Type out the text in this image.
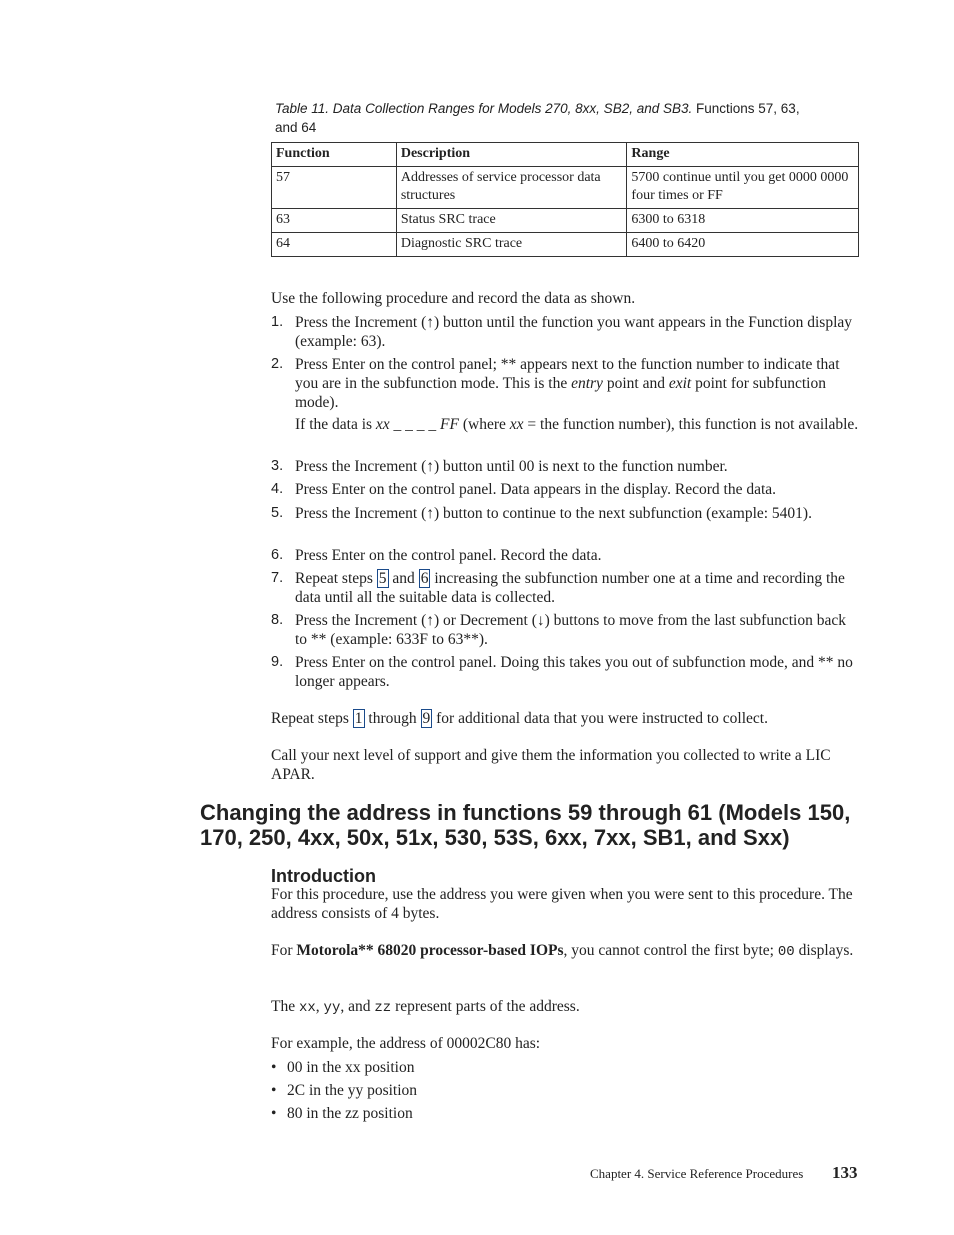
Table 11. Data Collection Ranges for Models 270, 8xx, SB2, and SB3. Functions 57, 63,
and 64
Function	Description	Range
57	Addresses of service processor data structures	5700 continue until you get 0000 0000 four times or FF
63	Status SRC trace	6300 to 6318
64	Diagnostic SRC trace	6400 to 6420
Use the following procedure and record the data as shown.
1. Press the Increment (↑) button until the function you want appears in the Function display (example: 63).
2. Press Enter on the control panel; ** appears next to the function number to indicate that you are in the subfunction mode. This is the entry point and exit point for subfunction mode).
If the data is xx _ _ _ _ FF (where xx = the function number), this function is not available.
3. Press the Increment (↑) button until 00 is next to the function number.
4. Press Enter on the control panel. Data appears in the display. Record the data.
5. Press the Increment (↑) button to continue to the next subfunction (example: 5401).
6. Press Enter on the control panel. Record the data.
7. Repeat steps 5 and 6 increasing the subfunction number one at a time and recording the data until all the suitable data is collected.
8. Press the Increment (↑) or Decrement (↓) buttons to move from the last subfunction back to ** (example: 633F to 63**).
9. Press Enter on the control panel. Doing this takes you out of subfunction mode, and ** no longer appears.
Repeat steps 1 through 9 for additional data that you were instructed to collect.
Call your next level of support and give them the information you collected to write a LIC APAR.
Changing the address in functions 59 through 61 (Models 150, 170, 250, 4xx, 50x, 51x, 530, 53S, 6xx, 7xx, SB1, and Sxx)
Introduction
For this procedure, use the address you were given when you were sent to this procedure. The address consists of 4 bytes.
For Motorola** 68020 processor-based IOPs, you cannot control the first byte; 00 displays.
The xx, yy, and zz represent parts of the address.
For example, the address of 00002C80 has:
• 00 in the xx position
• 2C in the yy position
• 80 in the zz position
Chapter 4. Service Reference Procedures 133
